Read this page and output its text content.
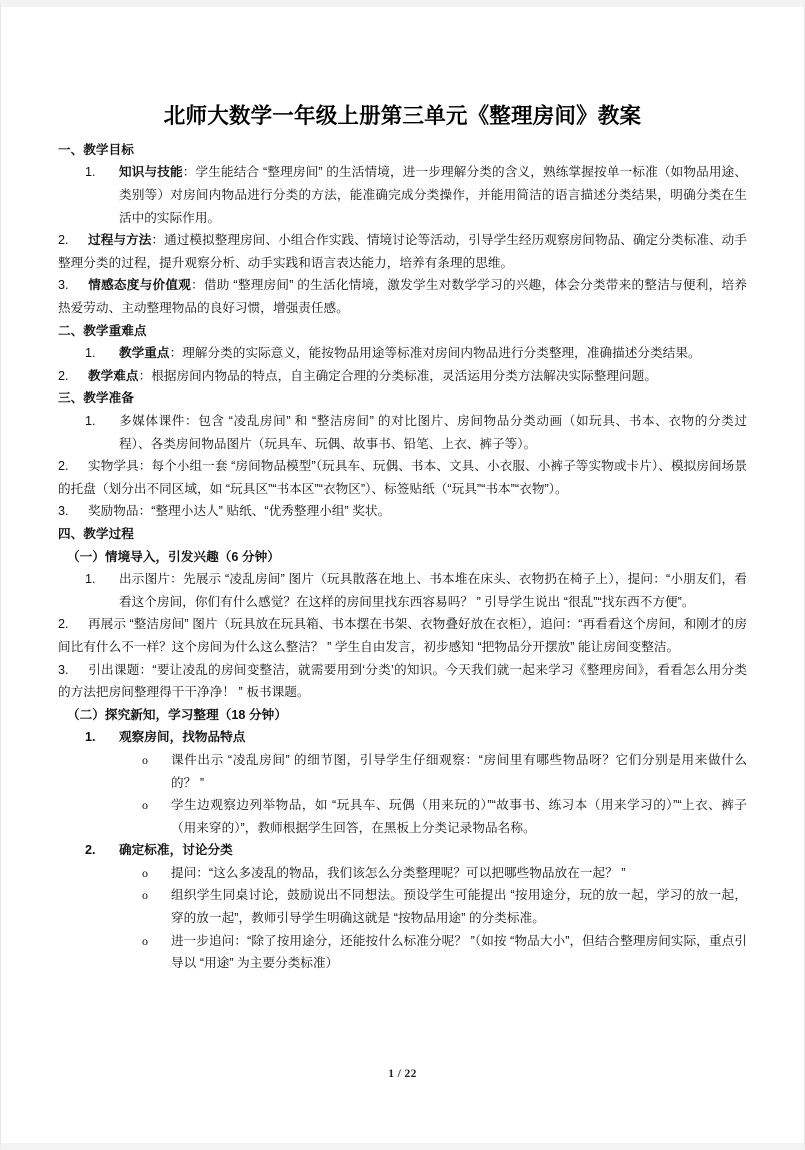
北师大数学一年级上册第三单元《整理房间》教案

一、教学目标

1.	知识与技能：学生能结合 “整理房间” 的生活情境，进一步理解分类的含义，熟练掌握按单一标准（如物品用途、类别等）对房间内物品进行分类的方法，能准确完成分类操作，并能用简洁的语言描述分类结果，明确分类在生活中的实际作用。

2. 过程与方法：通过模拟整理房间、小组合作实践、情境讨论等活动，引导学生经历观察房间物品、确定分类标准、动手整理分类的过程，提升观察分析、动手实践和语言表达能力，培养有条理的思维。

3. 情感态度与价值观：借助 “整理房间” 的生活化情境，激发学生对数学学习的兴趣，体会分类带来的整洁与便利，培养热爱劳动、主动整理物品的良好习惯，增强责任感。

二、教学重难点

1.	教学重点：理解分类的实际意义，能按物品用途等标准对房间内物品进行分类整理，准确描述分类结果。

2. 教学难点：根据房间内物品的特点，自主确定合理的分类标准，灵活运用分类方法解决实际整理问题。

三、教学准备

1.	多媒体课件：包含 “凌乱房间” 和 “整洁房间” 的对比图片、房间物品分类动画（如玩具、书本、衣物的分类过程）、各类房间物品图片（玩具车、玩偶、故事书、铅笔、上衣、裤子等）。

2. 实物学具：每个小组一套 “房间物品模型”（玩具车、玩偶、书本、文具、小衣服、小裤子等实物或卡片）、模拟房间场景的托盘（划分出不同区域，如 “玩具区”“书本区”“衣物区”）、标签贴纸（“玩具”“书本”“衣物”）。

3. 奖励物品：“整理小达人” 贴纸、“优秀整理小组” 奖状。

四、教学过程

（一）情境导入，引发兴趣（6 分钟）

1.	出示图片：先展示 “凌乱房间” 图片（玩具散落在地上、书本堆在床头、衣物扔在椅子上），提问：“小朋友们，看看这个房间，你们有什么感觉？在这样的房间里找东西容易吗？ ” 引导学生说出 “很乱”“找东西不方便”。

2. 再展示 “整洁房间” 图片（玩具放在玩具箱、书本摆在书架、衣物叠好放在衣柜），追问：“再看看这个房间，和刚才的房间比有什么不一样？这个房间为什么这么整洁？ ” 学生自由发言，初步感知 “把物品分开摆放” 能让房间变整洁。

3. 引出课题：“要让凌乱的房间变整洁，就需要用到‘分类’的知识。今天我们就一起来学习《整理房间》，看看怎么用分类的方法把房间整理得干干净净！ ” 板书课题。

（二）探究新知，学习整理（18 分钟）

1.	观察房间，找物品特点

o	课件出示 “凌乱房间” 的细节图，引导学生仔细观察：“房间里有哪些物品呀？它们分别是用来做什么的？ ”

o	学生边观察边列举物品，如 “玩具车、玩偶（用来玩的）”“故事书、练习本（用来学习的）”“上衣、裤子（用来穿的）”，教师根据学生回答，在黑板上分类记录物品名称。

2.	确定标准，讨论分类

o	提问：“这么多凌乱的物品，我们该怎么分类整理呢？可以把哪些物品放在一起？ ”

o	组织学生同桌讨论，鼓励说出不同想法。预设学生可能提出 “按用途分，玩的放一起，学习的放一起，穿的放一起”，教师引导学生明确这就是 “按物品用途” 的分类标准。

o	进一步追问：“除了按用途分，还能按什么标准分呢？ ”（如按 “物品大小”，但结合整理房间实际，重点引导以 “用途” 为主要分类标准）

1 / 22
